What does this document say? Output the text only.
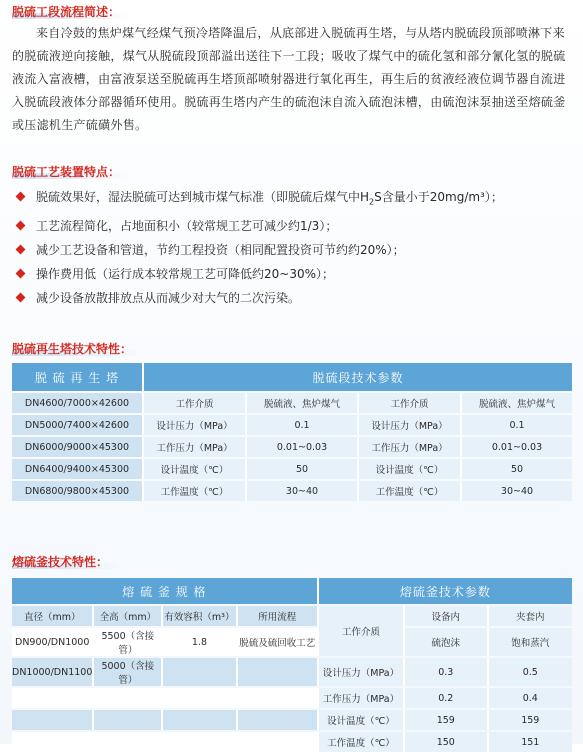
脱硫工段流程简述：
来自冷鼓的焦炉煤气经煤气预冷塔降温后，从底部进入脱硫再生塔，与从塔内脱硫段顶部喷淋下来的脱硫液逆向接触，煤气从脱硫段顶部溢出送往下一工段；吸收了煤气中的硫化氢和部分氰化氢的脱硫液流入富液槽，由富液泵送至脱硫再生塔顶部喷射器进行氧化再生，再生后的贫液经液位调节器自流进入脱硫段液体分部器循环使用。脱硫再生塔内产生的硫泡沫自流入硫泡沫槽，由硫泡沫泵抽送至熔硫釜或压滤机生产硫磺外售。
脱硫工艺装置特点：
脱硫效果好，湿法脱硫可达到城市煤气标准（即脱硫后煤气中$H_2S$含量小于20mg/m³）；
工艺流程简化，占地面积小（较常规工艺可减少约1/3）；
减少工艺设备和管道，节约工程投资（相同配置投资可节约约20%）；
操作费用低（运行成本较常规工艺可降低约20~30%）；
减少设备放散排放点从而减少对大气的二次污染。
脱硫再生塔技术特性：
脱 硫 再 生 塔	脱硫段技术参数			
DN4600/7000×42600	工作介质	脱硫液、焦炉煤气	工作介质	脱硫液、焦炉煤气
DN5000/7400×42600	设计压力（MPa）	0.1	设计压力（MPa）	0.1
DN6000/9000×45300	工作压力（MPa）	0.01~0.03	工作压力（MPa）	0.01~0.03
DN6400/9400×45300	设计温度（℃）	50	设计温度（℃）	50
DN6800/9800×45300	工作温度（℃）	30~40	工作温度（℃）	30~40
熔硫釜技术特性：
熔 硫 釜 规 格				熔硫釜技术参数		
直径（mm）	全高（mm）	有效容积（m³）	所用流程	工作介质	设备内	夹套内
DN900/DN1000	5500（含接管）	1.8	脱硫及硫回收工艺		硫泡沫	饱和蒸汽
DN1000/DN1100	5000（含接管）			设计压力（MPa）	0.3	0.5
				工作压力（MPa）	0.2	0.4
				设计温度（℃）	159	159
				工作温度（℃）	150	151
